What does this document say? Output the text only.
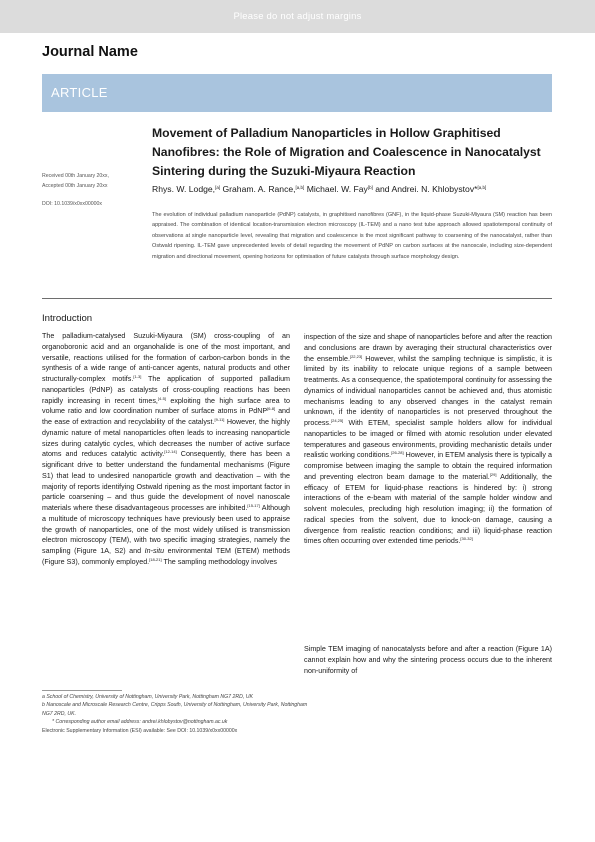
Please do not adjust margins
Journal Name
ARTICLE
Movement of Palladium Nanoparticles in Hollow Graphitised Nanofibres: the Role of Migration and Coalescence in Nanocatalyst Sintering during the Suzuki-Miyaura Reaction
Received 00th January 20xx,
Accepted 00th January 20xx
DOI: 10.1039/x0xx00000x
Rhys. W. Lodge,[a] Graham. A. Rance,[a,b] Michael. W. Fay[b] and Andrei. N. Khlobystov*[a,b]
The evolution of individual palladium nanoparticle (PdNP) catalysts, in graphitised nanofibres (GNF), in the liquid-phase Suzuki-Miyaura (SM) reaction has been appraised. The combination of identical location-transmission electron microscopy (IL-TEM) and a nano test tube approach allowed spatiotemporal continuity of observations at single nanoparticle level, revealing that migration and coalescence is the most significant pathway to coarsening of the nanocatalyst, rather than Ostwald ripening. IL-TEM gave unprecedented levels of detail regarding the movement of PdNP on carbon surfaces at the nanoscale, including size-dependent migration and directional movement, opening horizons for optimisation of future catalysts through surface morphology design.
Introduction

The palladium-catalysed Suzuki-Miyaura (SM) cross-coupling of an organoboronic acid and an organohalide is one of the most important, and versatile, reactions utilised for the formation of carbon-carbon bonds in the synthesis of a wide range of anti-cancer agents, natural products and other structurally-complex motifs.[1-3] The application of supported palladium nanoparticles (PdNP) as catalysts of cross-coupling reactions has been rapidly increasing in recent times,[4-5] exploiting the high surface area to volume ratio and low coordination number of surface atoms in PdNP[6-8] and the ease of extraction and recyclability of the catalyst.[9-11] However, the highly dynamic nature of metal nanoparticles often leads to increasing nanoparticle sizes during catalytic cycles, which decreases the number of active surface atoms and reduces catalytic activity.[12-14] Consequently, there has been a significant drive to better understand the fundamental mechanisms (Figure S1) that lead to undesired nanoparticle growth and deactivation – with the majority of reports identifying Ostwald ripening as the most important factor in particle coarsening – and thus guide the development of novel nanoscale materials where these disadvantageous processes are inhibited.[15-17] Although a multitude of microscopy techniques have previously been used to appraise the growth of nanoparticles, one of the most widely utilised is transmission electron microscopy (TEM), with two specific imaging strategies, namely the sampling (Figure 1A, S2) and In-situ environmental TEM (ETEM) methods (Figure S3), commonly employed.[18-21] The sampling methodology involves

inspection of the size and shape of nanoparticles before and after the reaction and conclusions are drawn by averaging their structural characteristics over the ensemble.[22,23] However, whilst the sampling technique is simplistic, it is limited by its inability to relocate unique regions of a sample between treatments. As a consequence, the spatiotemporal continuity for assessing the dynamics of individual nanoparticles cannot be achieved and, thus atomistic mechanisms leading to any observed changes in the catalyst remain unknown, if the identity of nanoparticles is not preserved throughout the process.[24,25] With ETEM, specialist sample holders allow for individual nanoparticles to be imaged or filmed with atomic resolution under elevated temperatures and gaseous environments, providing mechanistic details under realistic working conditions.[26-28] However, in ETEM analysis there is typically a compromise between imaging the sample to obtain the required information and preventing electron beam damage to the material.[29] Additionally, the efficacy of ETEM for liquid-phase reactions is hindered by: i) strong interactions of the e-beam with material of the sample holder window and solvent molecules, precluding high resolution imaging; ii) the formation of radical species from the solvent, due to knock-on damage, causing a divergence from realistic reaction conditions; and iii) liquid-phase reaction times often occurring over extended time periods.[30-32]

Simple TEM imaging of nanocatalysts before and after a reaction (Figure 1A) cannot explain how and why the sintering process occurs due to the inherent non-uniformity of

a School of Chemistry, University of Nottingham, University Park, Nottingham NG7 2RD, UK

b Nanoscale and Microscale Research Centre, Cripps South, University of Nottingham, University Park, Nottingham NG7 2RD, UK.

* Corresponding author email address: andrei.khlobystov@nottingham.ac.uk

Electronic Supplementary Information (ESI) available: See DOI: 10.1039/x0xx00000x
